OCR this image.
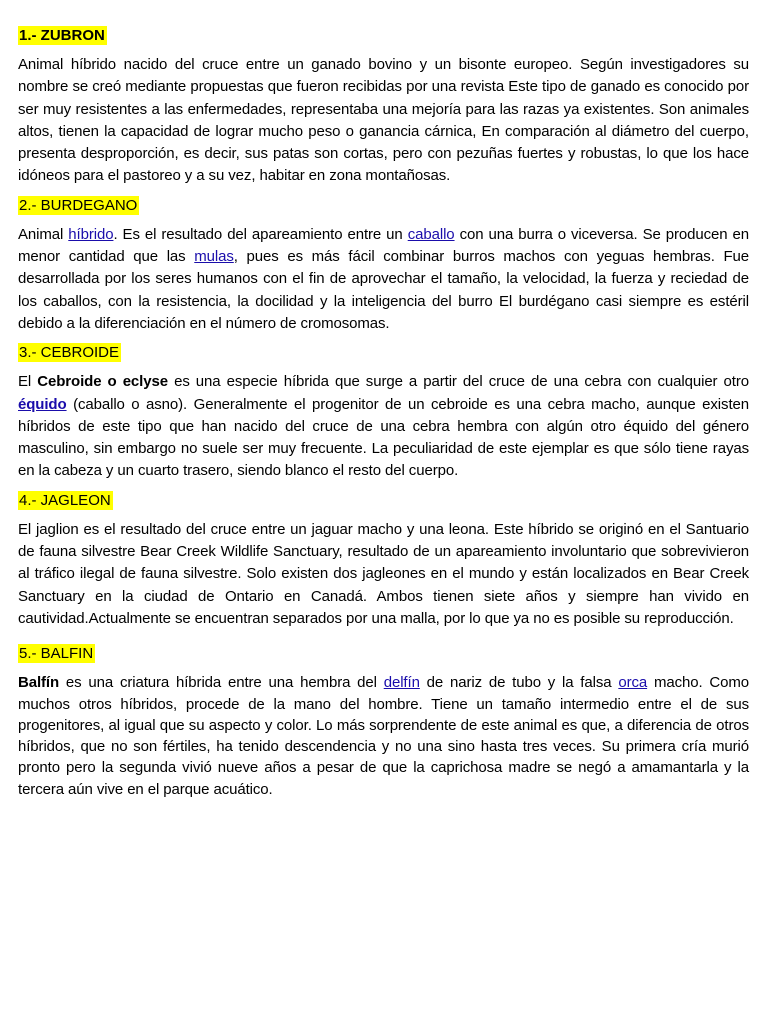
1.- ZUBRON

Animal híbrido nacido del cruce entre un ganado bovino y un bisonte europeo. Según investigadores su nombre se creó mediante propuestas que fueron recibidas por una revista Este tipo de ganado es conocido por ser muy resistentes a las enfermedades, representaba una mejoría para las razas ya existentes. Son animales altos, tienen la capacidad de lograr mucho peso o ganancia cárnica, En comparación al diámetro del cuerpo, presenta desproporción, es decir, sus patas son cortas, pero con pezuñas fuertes y robustas, lo que los hace idóneos para el pastoreo y a su vez, habitar en zona montañosas.

2.- BURDEGANO

Animal híbrido. Es el resultado del apareamiento entre un caballo con una burra o viceversa. Se producen en menor cantidad que las mulas, pues es más fácil combinar burros machos con yeguas hembras. Fue desarrollada por los seres humanos con el fin de aprovechar el tamaño, la velocidad, la fuerza y reciedad de los caballos, con la resistencia, la docilidad y la inteligencia del burro El burdégano casi siempre es estéril debido a la diferenciación en el número de cromosomas.

3.- CEBROIDE

El Cebroide o eclyse es una especie híbrida que surge a partir del cruce de una cebra con cualquier otro équido (caballo o asno). Generalmente el progenitor de un cebroide es una cebra macho, aunque existen híbridos de este tipo que han nacido del cruce de una cebra hembra con algún otro équido del género masculino, sin embargo no suele ser muy frecuente. La peculiaridad de este ejemplar es que sólo tiene rayas en la cabeza y un cuarto trasero, siendo blanco el resto del cuerpo.

4.- JAGLEON

El jaglion es el resultado del cruce entre un jaguar macho y una leona. Este híbrido se originó en el Santuario de fauna silvestre Bear Creek Wildlife Sanctuary, resultado de un apareamiento involuntario que sobrevivieron al tráfico ilegal de fauna silvestre. Solo existen dos jagleones en el mundo y están localizados en Bear Creek Sanctuary en la ciudad de Ontario en Canadá. Ambos tienen siete años y siempre han vivido en cautividad.Actualmente se encuentran separados por una malla, por lo que ya no es posible su reproducción.

5.- BALFIN

Balfín es una criatura híbrida entre una hembra del delfín de nariz de tubo y la falsa orca macho. Como muchos otros híbridos, procede de la mano del hombre. Tiene un tamaño intermedio entre el de sus progenitores, al igual que su aspecto y color. Lo más sorprendente de este animal es que, a diferencia de otros híbridos, que no son fértiles, ha tenido descendencia y no una sino hasta tres veces. Su primera cría murió pronto pero la segunda vivió nueve años a pesar de que la caprichosa madre se negó a amamantarla y la tercera aún vive en el parque acuático.
